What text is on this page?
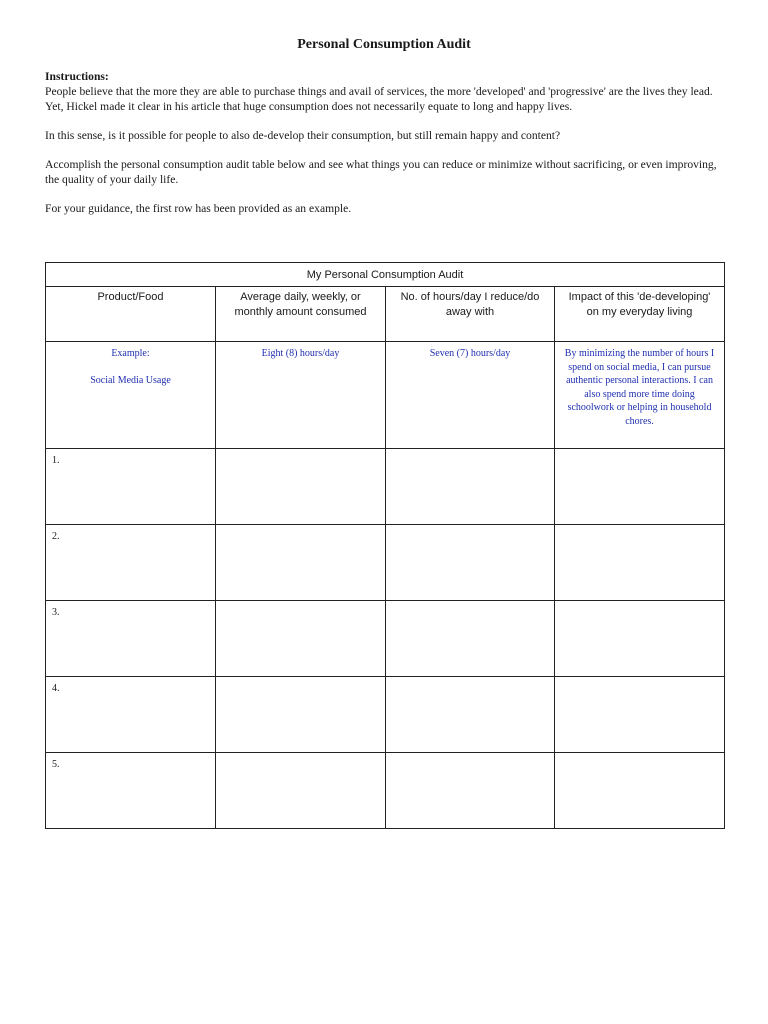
Personal Consumption Audit
Instructions:

People believe that the more they are able to purchase things and avail of services, the more 'developed' and 'progressive' are the lives they lead. Yet, Hickel made it clear in his article that huge consumption does not necessarily equate to long and happy lives.

In this sense, is it possible for people to also de-develop their consumption, but still remain happy and content?

Accomplish the personal consumption audit table below and see what things you can reduce or minimize without sacrificing, or even improving, the quality of your daily life.

For your guidance, the first row has been provided as an example.

My Personal Consumption Audit			
Product/Food	Average daily, weekly, or monthly amount consumed	No. of hours/day I reduce/do away with	Impact of this 'de-developing' on my everyday living
Example:
Social Media Usage	Eight (8) hours/day	Seven (7) hours/day	By minimizing the number of hours I spend on social media, I can pursue authentic personal interactions. I can also spend more time doing schoolwork or helping in household chores.
1.			
2.			
3.			
4.			
5.			
